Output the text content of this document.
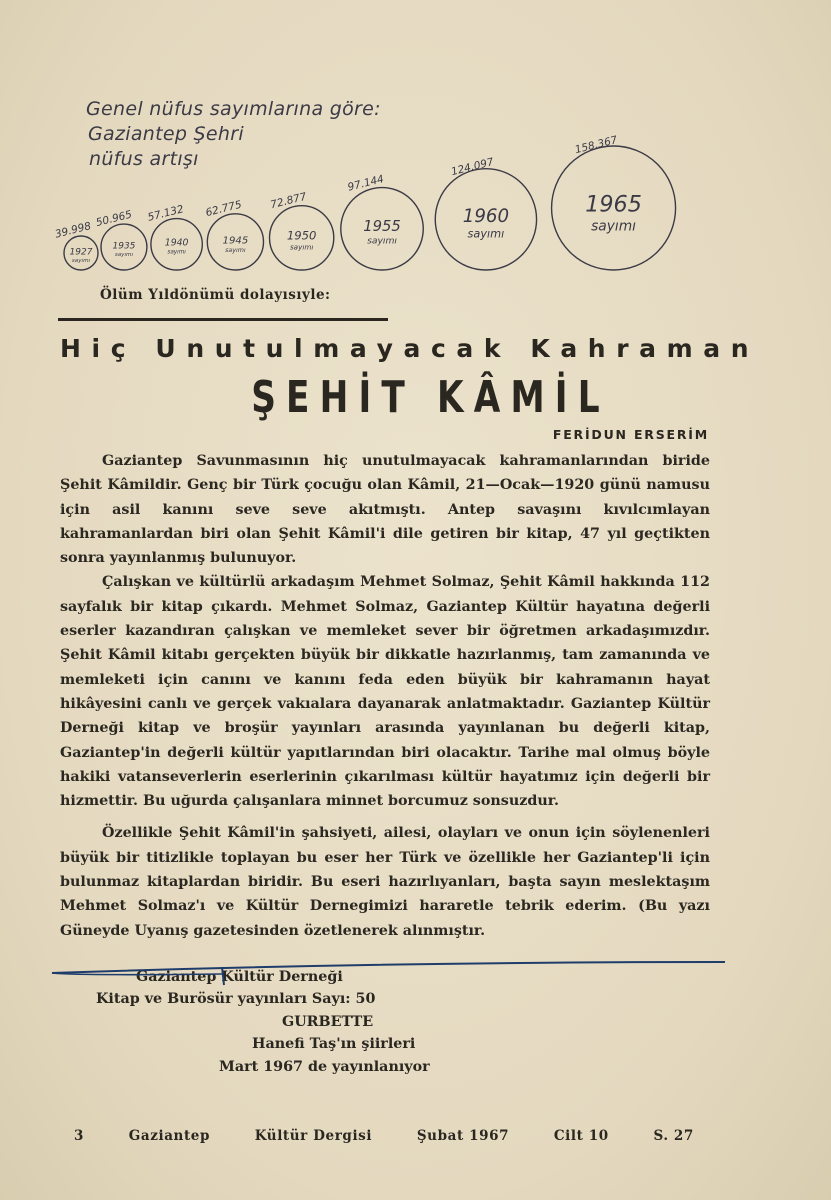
Genel nüfus sayımlarına göre:
Gaziantep Şehri
nüfus artışı
1927
sayımı
39.998
1935
sayımı
50.965
1940
sayımı
57.132
1945
sayımı
62.775
1950
sayımı
72.877
1955
sayımı
97.144
1960
sayımı
124.097
1965
sayımı
158.367
Ölüm Yıldönümü dolayısıyle:
Hiç Unutulmayacak Kahraman
ŞEHİT KÂMİL
FERİDUN ERSERİM

Gaziantep Savunmasının hiç unutulmayacak kahramanlarından biride Şehit Kâmildir. Genç bir Türk çocuğu olan Kâmil, 21—Ocak—1920 günü namusu için asil kanını seve seve akıtmıştı. Antep savaşını kıvılcımlayan kahramanlardan biri olan Şehit Kâmil'i dile getiren bir kitap, 47 yıl geçtikten sonra yayınlanmış bulunuyor.

Çalışkan ve kültürlü arkadaşım Mehmet Solmaz, Şehit Kâmil hakkında 112 sayfalık bir kitap çıkardı. Mehmet Solmaz, Gaziantep Kültür hayatına değerli eserler kazandıran çalışkan ve memleket sever bir öğretmen arkadaşımızdır. Şehit Kâmil kitabı gerçekten büyük bir dikkatle hazırlanmış, tam zamanında ve memleketi için canını ve kanını feda eden büyük bir kahramanın hayat hikâyesini canlı ve gerçek vakıalara dayanarak anlatmaktadır. Gaziantep Kültür Derneği kitap ve broşür yayınları arasında yayınlanan bu değerli kitap, Gaziantep'in değerli kültür yapıtlarından biri olacaktır. Tarihe mal olmuş böyle hakiki vatanseverlerin eserlerinin çıkarılması kültür hayatımız için değerli bir hizmettir. Bu uğurda çalışanlara minnet borcumuz sonsuzdur.

Özellikle Şehit Kâmil'in şahsiyeti, ailesi, olayları ve onun için söylenenleri büyük bir titizlikle toplayan bu eser her Türk ve özellikle her Gaziantep'li için bulunmaz kitaplardan biridir. Bu eseri hazırlıyanları, başta sayın meslektaşım Mehmet Solmaz'ı ve Kültür Dernegimizi hararetle tebrik ederim. (Bu yazı Güneyde Uyanış gazetesinden özetlenerek alınmıştır.

Gaziantep Kültür Derneği
Kitap ve Burösür yayınları Sayı: 50
GURBETTE
Hanefi Taş'ın şiirleri
Mart 1967 de yayınlanıyor
3	Gaziantep	Kültür Dergisi	Şubat 1967	Cilt 10	S. 27
